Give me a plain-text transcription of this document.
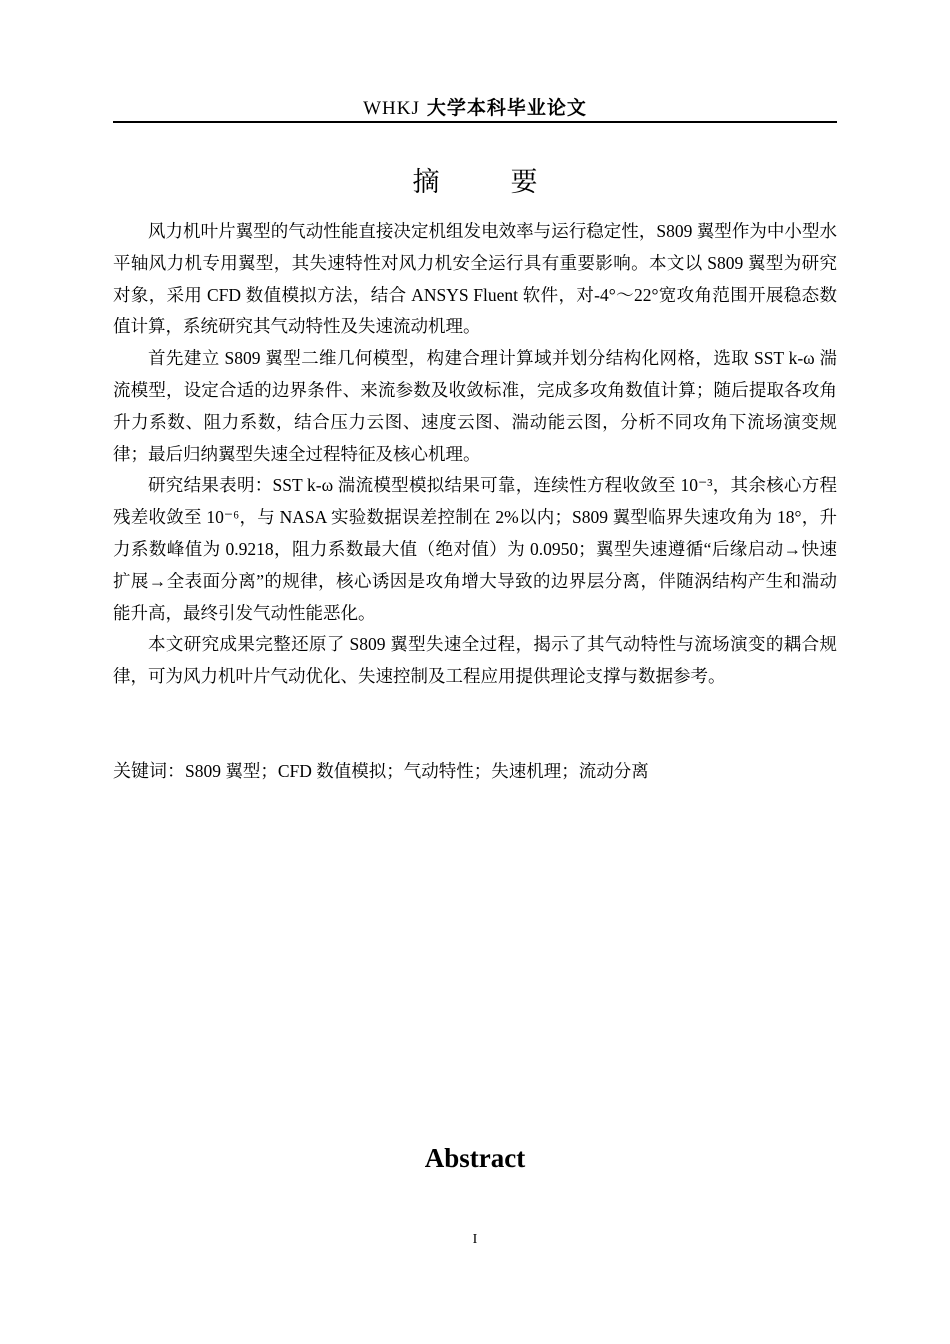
WHKJ 大学本科毕业论文
摘　要

风力机叶片翼型的气动性能直接决定机组发电效率与运行稳定性，S809 翼型作为中小型水平轴风力机专用翼型，其失速特性对风力机安全运行具有重要影响。本文以 S809 翼型为研究对象，采用 CFD 数值模拟方法，结合 ANSYS Fluent 软件，对-4°～22°宽攻角范围开展稳态数值计算，系统研究其气动特性及失速流动机理。

首先建立 S809 翼型二维几何模型，构建合理计算域并划分结构化网格，选取 SST k-ω 湍流模型，设定合适的边界条件、来流参数及收敛标准，完成多攻角数值计算；随后提取各攻角升力系数、阻力系数，结合压力云图、速度云图、湍动能云图，分析不同攻角下流场演变规律；最后归纳翼型失速全过程特征及核心机理。

研究结果表明：SST k-ω 湍流模型模拟结果可靠，连续性方程收敛至 10⁻³，其余核心方程残差收敛至 10⁻⁶，与 NASA 实验数据误差控制在 2%以内；S809 翼型临界失速攻角为 18°，升力系数峰值为 0.9218，阻力系数最大值（绝对值）为 0.0950；翼型失速遵循“后缘启动→快速扩展→全表面分离”的规律，核心诱因是攻角增大导致的边界层分离，伴随涡结构产生和湍动能升高，最终引发气动性能恶化。

本文研究成果完整还原了 S809 翼型失速全过程，揭示了其气动特性与流场演变的耦合规律，可为风力机叶片气动优化、失速控制及工程应用提供理论支撑与数据参考。

关键词：S809 翼型；CFD 数值模拟；气动特性；失速机理；流动分离
Abstract
I
